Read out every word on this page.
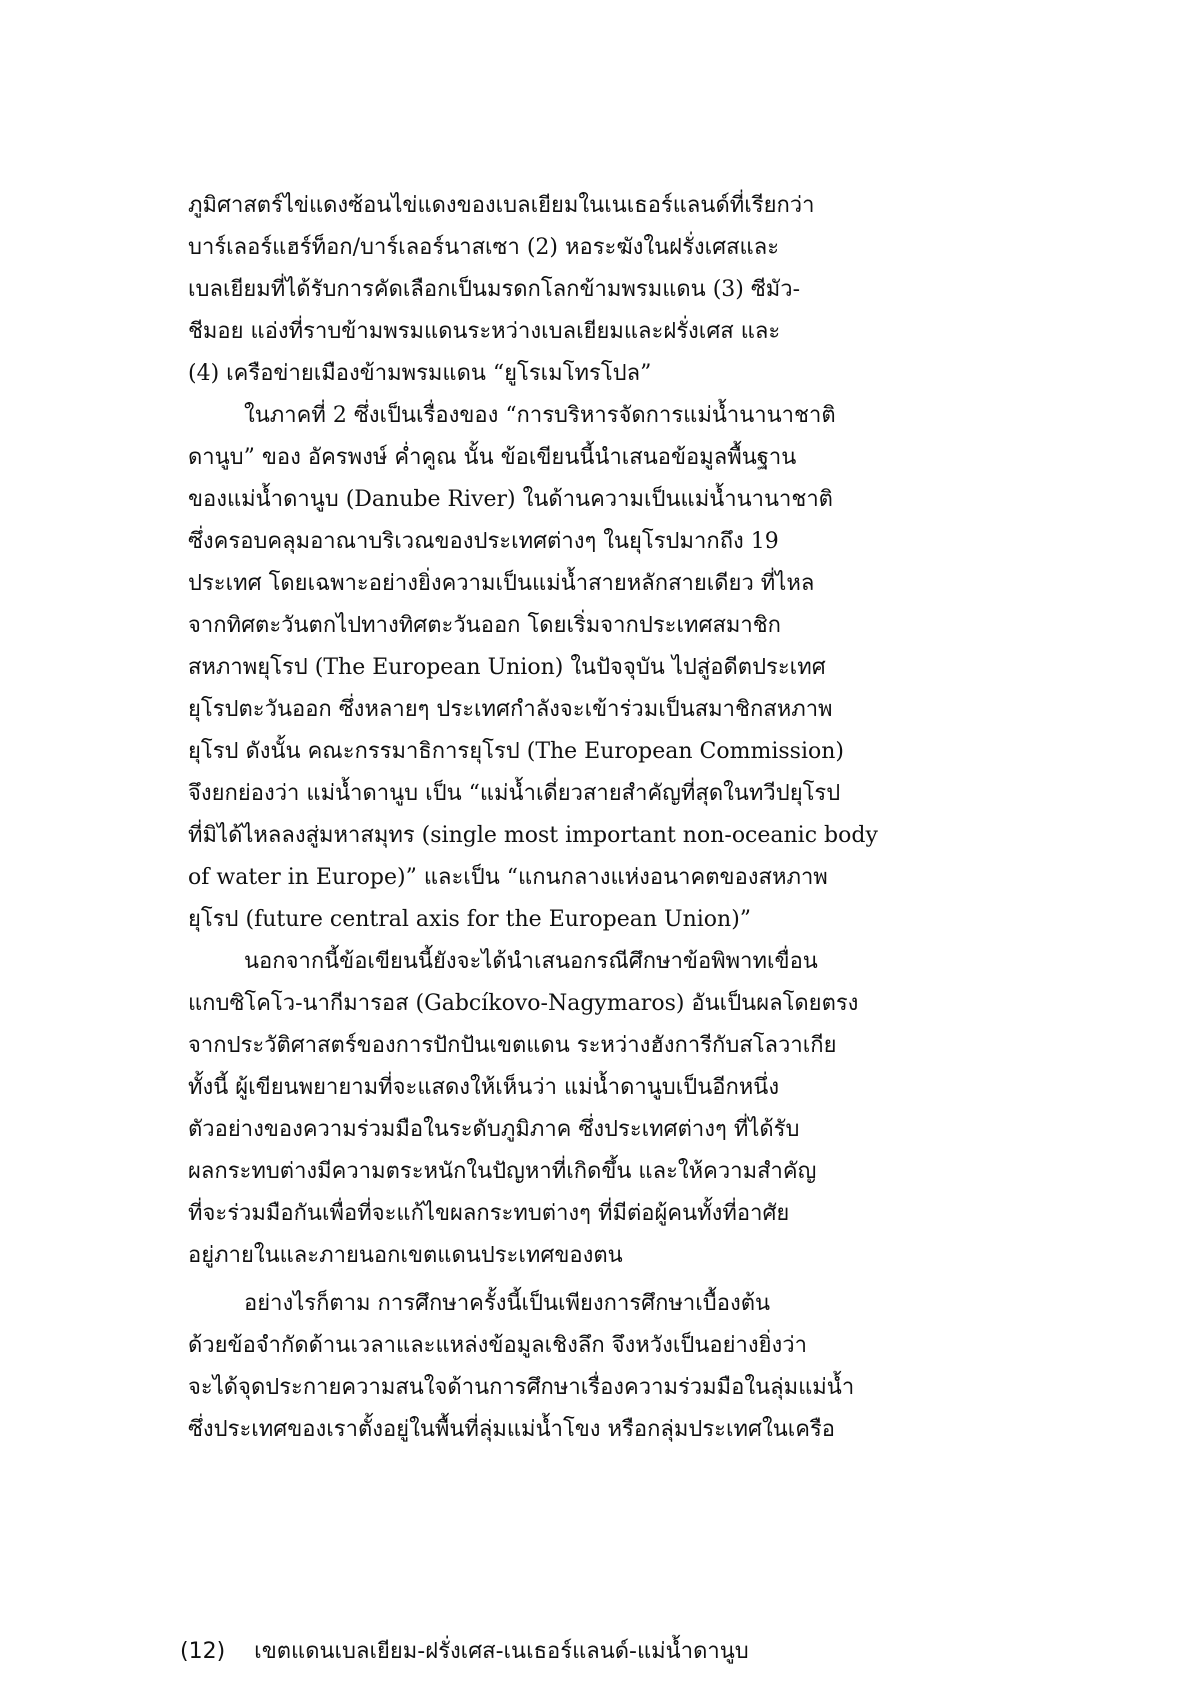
ภูมิศาสตร์ไข่แดงซ้อนไข่แดงของเบลเยียมในเนเธอร์แลนด์ที่เรียกว่า
บาร์เลอร์แฮร์ท็อก/บาร์เลอร์นาสเซา (2) หอระฆังในฝรั่งเศสและ
เบลเยียมที่ได้รับการคัดเลือกเป็นมรดกโลกข้ามพรมแดน (3) ซีมัว-
ชีมอย แอ่งที่ราบข้ามพรมแดนระหว่างเบลเยียมและฝรั่งเศส และ
(4) เครือข่ายเมืองข้ามพรมแดน “ยูโรเมโทรโปล”
ในภาคที่ 2 ซึ่งเป็นเรื่องของ “การบริหารจัดการแม่น้ำนานาชาติ
ดานูบ” ของ อัครพงษ์ ค่ำคูณ นั้น ข้อเขียนนี้นำเสนอข้อมูลพื้นฐาน
ของแม่น้ำดานูบ (Danube River) ในด้านความเป็นแม่น้ำนานาชาติ
ซึ่งครอบคลุมอาณาบริเวณของประเทศต่างๆ ในยุโรปมากถึง 19
ประเทศ โดยเฉพาะอย่างยิ่งความเป็นแม่น้ำสายหลักสายเดียว ที่ไหล
จากทิศตะวันตกไปทางทิศตะวันออก โดยเริ่มจากประเทศสมาชิก
สหภาพยุโรป (The European Union) ในปัจจุบัน ไปสู่อดีตประเทศ
ยุโรปตะวันออก ซึ่งหลายๆ ประเทศกำลังจะเข้าร่วมเป็นสมาชิกสหภาพ
ยุโรป ดังนั้น คณะกรรมาธิการยุโรป (The European Commission)
จึงยกย่องว่า แม่น้ำดานูบ เป็น “แม่น้ำเดี่ยวสายสำคัญที่สุดในทวีปยุโรป
ที่มิได้ไหลลงสู่มหาสมุทร (single most important non-oceanic body
of water in Europe)” และเป็น “แกนกลางแห่งอนาคตของสหภาพ
ยุโรป (future central axis for the European Union)”
นอกจากนี้ข้อเขียนนี้ยังจะได้นำเสนอกรณีศึกษาข้อพิพาทเขื่อน
แกบซิโคโว-นากีมารอส (Gabcíkovo-Nagymaros) อันเป็นผลโดยตรง
จากประวัติศาสตร์ของการปักปันเขตแดน ระหว่างฮังการีกับสโลวาเกีย
ทั้งนี้ ผู้เขียนพยายามที่จะแสดงให้เห็นว่า แม่น้ำดานูบเป็นอีกหนึ่ง
ตัวอย่างของความร่วมมือในระดับภูมิภาค ซึ่งประเทศต่างๆ ที่ได้รับ
ผลกระทบต่างมีความตระหนักในปัญหาที่เกิดขึ้น และให้ความสำคัญ
ที่จะร่วมมือกันเพื่อที่จะแก้ไขผลกระทบต่างๆ ที่มีต่อผู้คนทั้งที่อาศัย
อยู่ภายในและภายนอกเขตแดนประเทศของตน
อย่างไรก็ตาม การศึกษาครั้งนี้เป็นเพียงการศึกษาเบื้องต้น
ด้วยข้อจำกัดด้านเวลาและแหล่งข้อมูลเชิงลึก จึงหวังเป็นอย่างยิ่งว่า
จะได้จุดประกายความสนใจด้านการศึกษาเรื่องความร่วมมือในลุ่มแม่น้ำ
ซึ่งประเทศของเราตั้งอยู่ในพื้นที่ลุ่มแม่น้ำโขง หรือกลุ่มประเทศในเครือ
(12) เขตแดนเบลเยียม-ฝรั่งเศส-เนเธอร์แลนด์-แม่น้ำดานูบ
